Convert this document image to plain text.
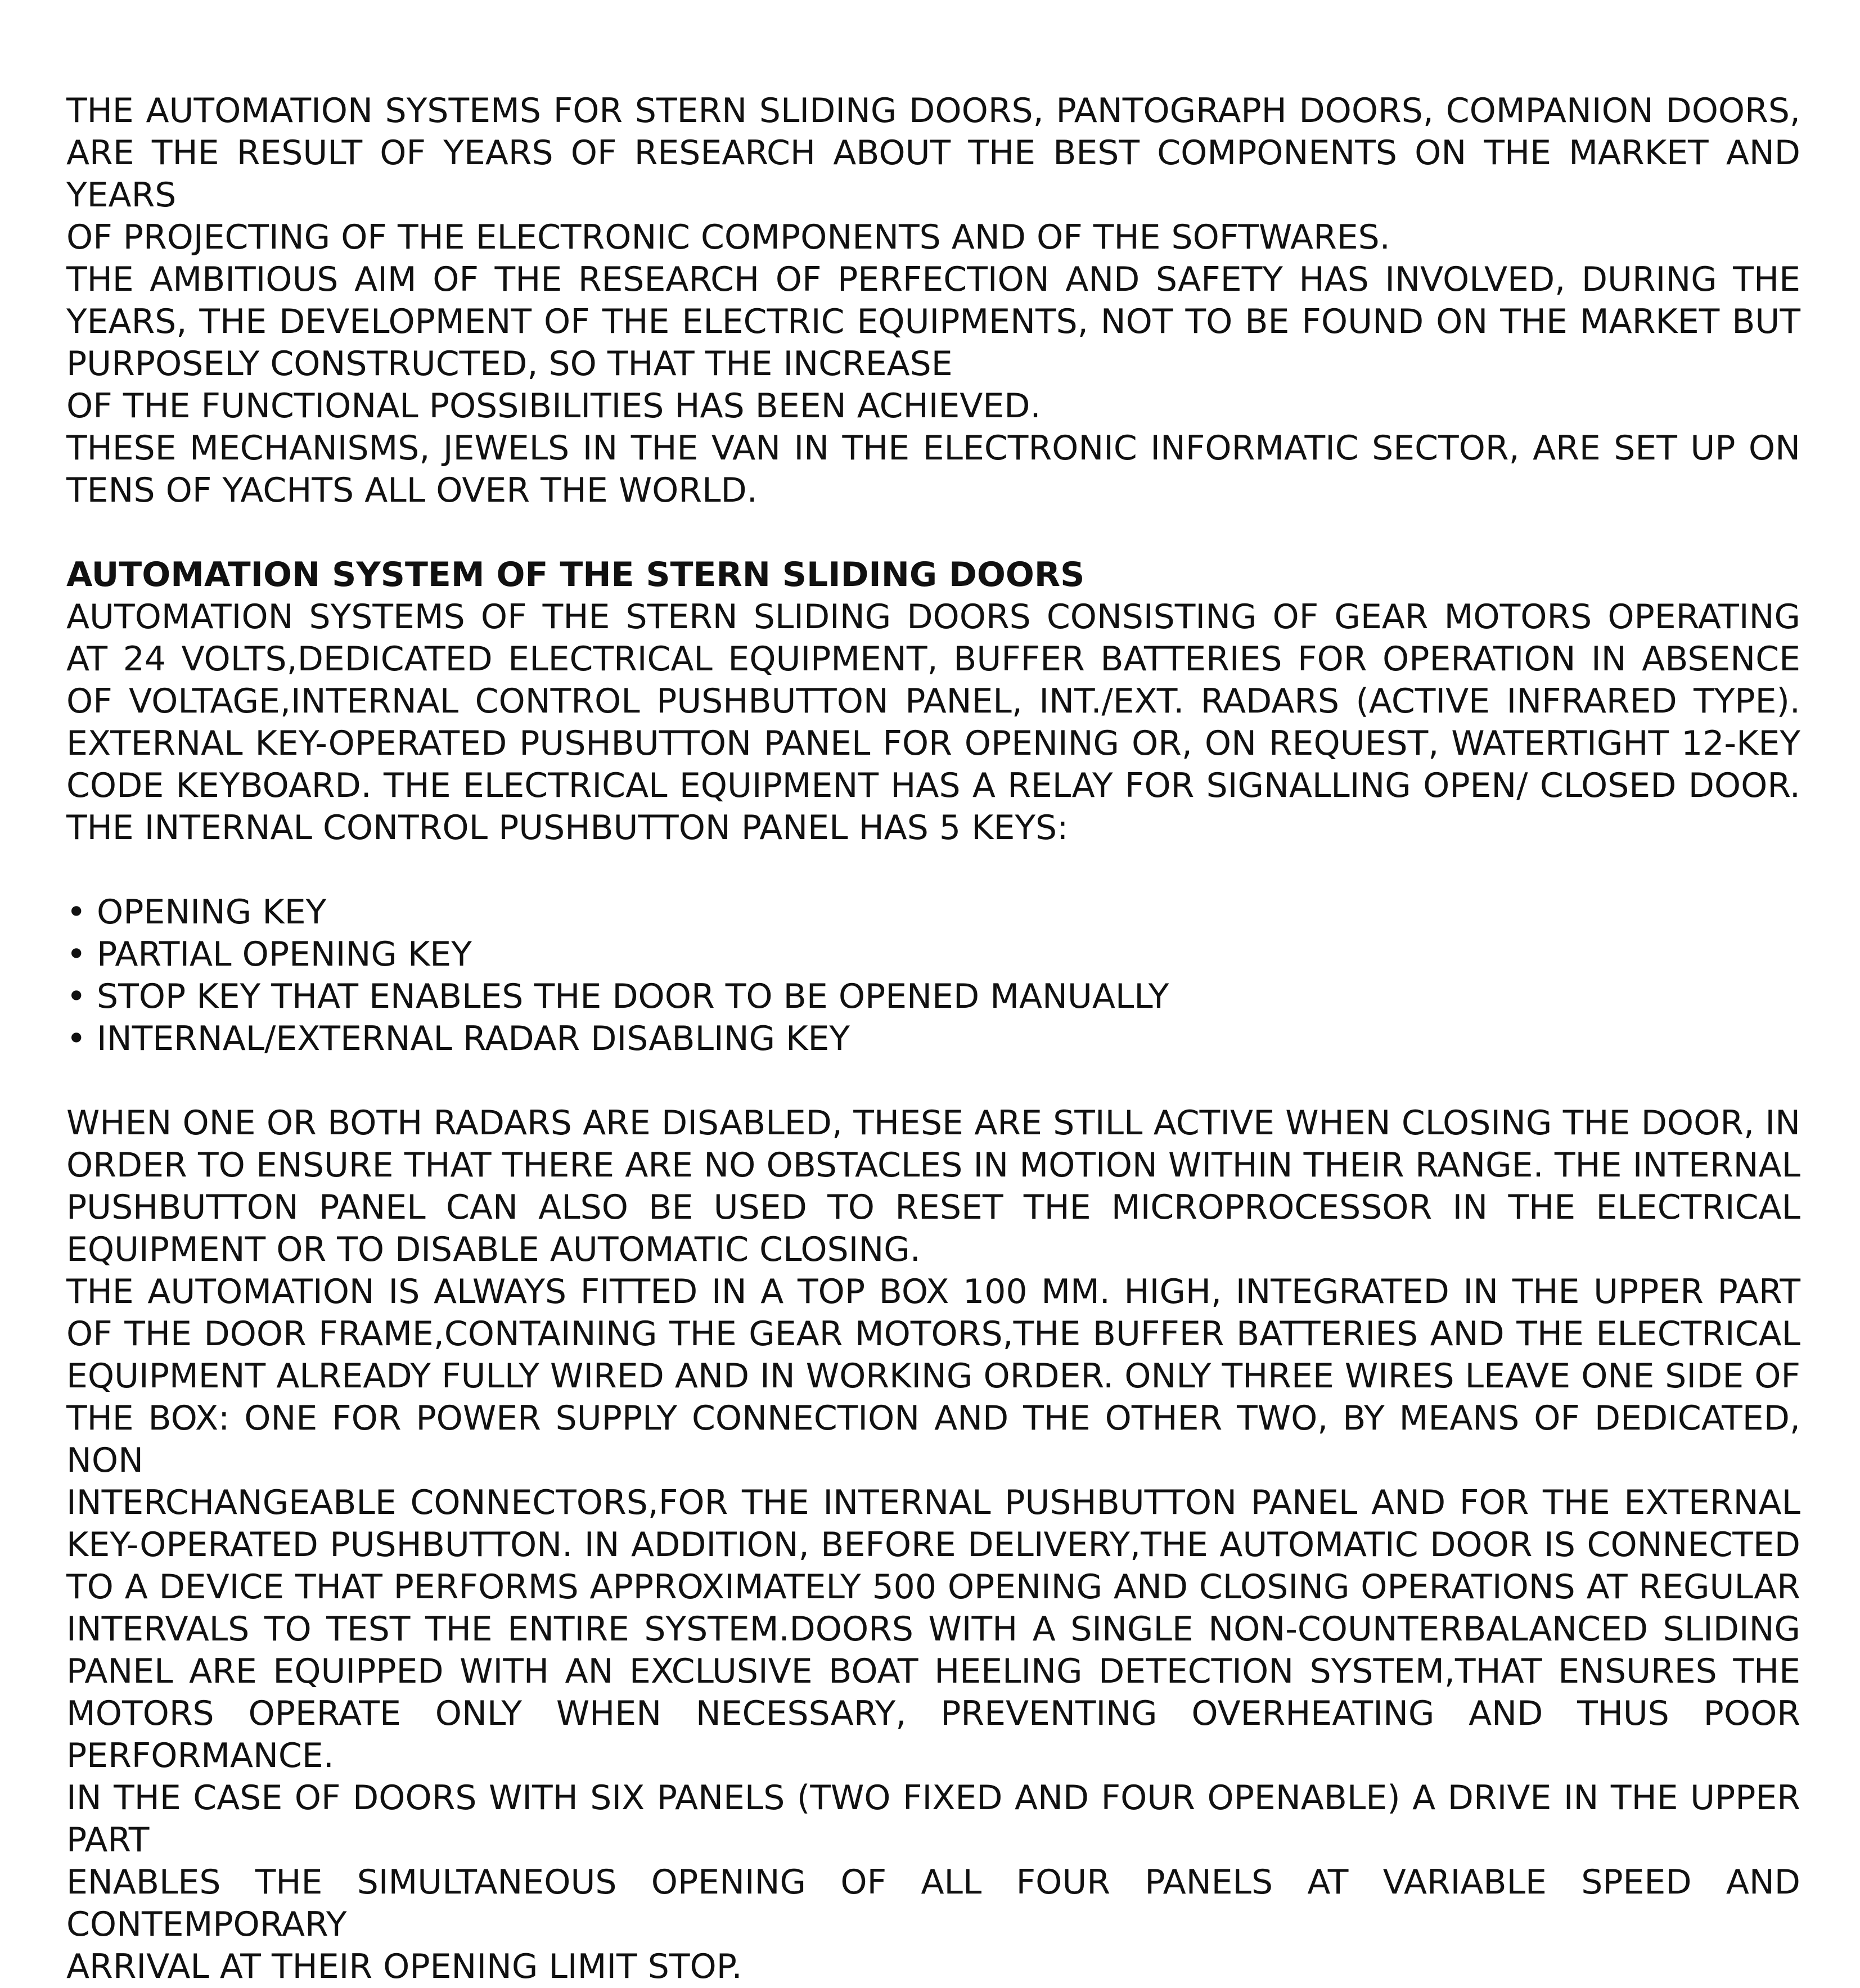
THE AUTOMATION SYSTEMS FOR STERN SLIDING DOORS, PANTOGRAPH DOORS, COMPANION DOORS,
ARE THE RESULT OF YEARS OF RESEARCH ABOUT THE BEST COMPONENTS ON THE MARKET AND YEARS
OF PROJECTING OF THE ELECTRONIC COMPONENTS AND OF THE SOFTWARES.
THE AMBITIOUS AIM OF THE RESEARCH OF PERFECTION AND SAFETY HAS INVOLVED, DURING THE
YEARS, THE DEVELOPMENT OF THE ELECTRIC EQUIPMENTS, NOT TO BE FOUND ON THE MARKET BUT
PURPOSELY CONSTRUCTED, SO THAT THE INCREASE
OF THE FUNCTIONAL POSSIBILITIES HAS BEEN ACHIEVED.
THESE MECHANISMS, JEWELS IN THE VAN IN THE ELECTRONIC INFORMATIC SECTOR, ARE SET UP ON
TENS OF YACHTS ALL OVER THE WORLD.
AUTOMATION SYSTEM OF THE STERN SLIDING DOORS
AUTOMATION SYSTEMS OF THE STERN SLIDING DOORS CONSISTING OF GEAR MOTORS OPERATING
AT 24 VOLTS,DEDICATED ELECTRICAL EQUIPMENT, BUFFER BATTERIES FOR OPERATION IN ABSENCE
OF VOLTAGE,INTERNAL CONTROL PUSHBUTTON PANEL, INT./EXT. RADARS (ACTIVE INFRARED TYPE).
EXTERNAL KEY-OPERATED PUSHBUTTON PANEL FOR OPENING OR, ON REQUEST, WATERTIGHT 12-KEY
CODE KEYBOARD. THE ELECTRICAL EQUIPMENT HAS A RELAY FOR SIGNALLING OPEN/ CLOSED DOOR.
THE INTERNAL CONTROL PUSHBUTTON PANEL HAS 5 KEYS:
• OPENING KEY
• PARTIAL OPENING KEY
• STOP KEY THAT ENABLES THE DOOR TO BE OPENED MANUALLY
• INTERNAL/EXTERNAL RADAR DISABLING KEY
WHEN ONE OR BOTH RADARS ARE DISABLED, THESE ARE STILL ACTIVE WHEN CLOSING THE DOOR, IN
ORDER TO ENSURE THAT THERE ARE NO OBSTACLES IN MOTION WITHIN THEIR RANGE. THE INTERNAL
PUSHBUTTON PANEL CAN ALSO BE USED TO RESET THE MICROPROCESSOR IN THE ELECTRICAL
EQUIPMENT OR TO DISABLE AUTOMATIC CLOSING.
THE AUTOMATION IS ALWAYS FITTED IN A TOP BOX 100 MM. HIGH, INTEGRATED IN THE UPPER PART
OF THE DOOR FRAME,CONTAINING THE GEAR MOTORS,THE BUFFER BATTERIES AND THE ELECTRICAL
EQUIPMENT ALREADY FULLY WIRED AND IN WORKING ORDER. ONLY THREE WIRES LEAVE ONE SIDE OF
THE BOX: ONE FOR POWER SUPPLY CONNECTION AND THE OTHER TWO, BY MEANS OF DEDICATED, NON
INTERCHANGEABLE CONNECTORS,FOR THE INTERNAL PUSHBUTTON PANEL AND FOR THE EXTERNAL
KEY-OPERATED PUSHBUTTON. IN ADDITION, BEFORE DELIVERY,THE AUTOMATIC DOOR IS CONNECTED
TO A DEVICE THAT PERFORMS APPROXIMATELY 500 OPENING AND CLOSING OPERATIONS AT REGULAR
INTERVALS TO TEST THE ENTIRE SYSTEM.DOORS WITH A SINGLE NON-COUNTERBALANCED SLIDING
PANEL ARE EQUIPPED WITH AN EXCLUSIVE BOAT HEELING DETECTION SYSTEM,THAT ENSURES THE
MOTORS OPERATE ONLY WHEN NECESSARY, PREVENTING OVERHEATING AND THUS POOR PERFORMANCE.
IN THE CASE OF DOORS WITH SIX PANELS (TWO FIXED AND FOUR OPENABLE) A DRIVE IN THE UPPER PART
ENABLES THE SIMULTANEOUS OPENING OF ALL FOUR PANELS AT VARIABLE SPEED AND CONTEMPORARY
ARRIVAL AT THEIR OPENING LIMIT STOP.
